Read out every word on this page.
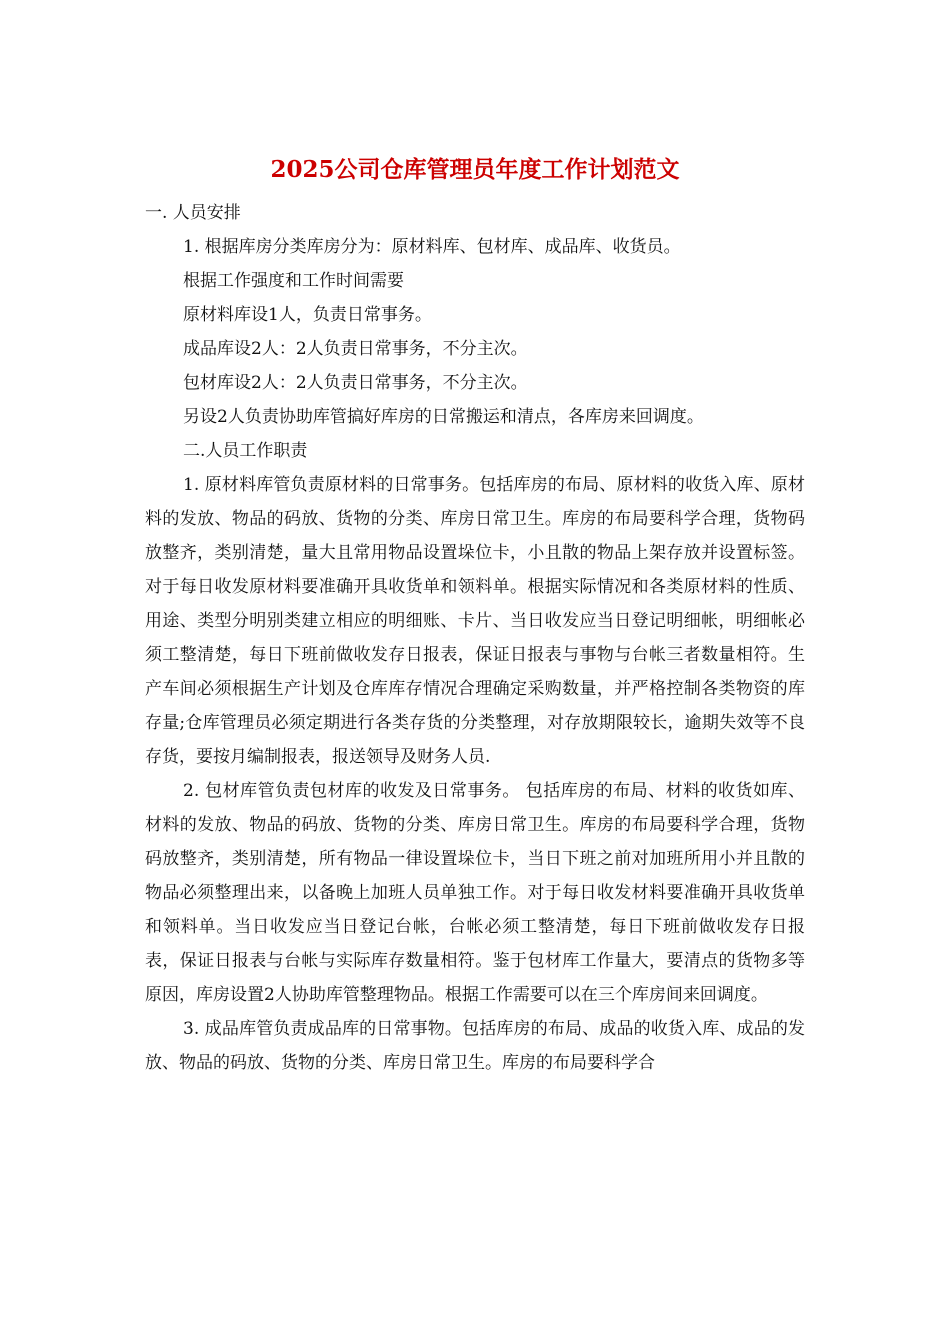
2025公司仓库管理员年度工作计划范文

一. 人员安排

1. 根据库房分类库房分为：原材料库、包材库、成品库、收货员。

根据工作强度和工作时间需要

原材料库设1人，负责日常事务。

成品库设2人：2人负责日常事务，不分主次。

包材库设2人：2人负责日常事务，不分主次。

另设2人负责协助库管搞好库房的日常搬运和清点，各库房来回调度。

二.人员工作职责

1. 原材料库管负责原材料的日常事务。包括库房的布局、原材料的收货入库、原材料的发放、物品的码放、货物的分类、库房日常卫生。库房的布局要科学合理，货物码放整齐，类别清楚，量大且常用物品设置垛位卡，小且散的物品上架存放并设置标签。对于每日收发原材料要准确开具收货单和领料单。根据实际情况和各类原材料的性质、用途、类型分明别类建立相应的明细账、卡片、当日收发应当日登记明细帐，明细帐必须工整清楚，每日下班前做收发存日报表，保证日报表与事物与台帐三者数量相符。生产车间必须根据生产计划及仓库库存情况合理确定采购数量，并严格控制各类物资的库存量;仓库管理员必须定期进行各类存货的分类整理，对存放期限较长，逾期失效等不良存货，要按月编制报表，报送领导及财务人员.

2. 包材库管负责包材库的收发及日常事务。 包括库房的布局、材料的收货如库、材料的发放、物品的码放、货物的分类、库房日常卫生。库房的布局要科学合理，货物码放整齐，类别清楚，所有物品一律设置垛位卡，当日下班之前对加班所用小并且散的物品必须整理出来，以备晚上加班人员单独工作。对于每日收发材料要准确开具收货单和领料单。当日收发应当日登记台帐，台帐必须工整清楚，每日下班前做收发存日报表，保证日报表与台帐与实际库存数量相符。鉴于包材库工作量大，要清点的货物多等原因，库房设置2人协助库管整理物品。根据工作需要可以在三个库房间来回调度。

3. 成品库管负责成品库的日常事物。包括库房的布局、成品的收货入库、成品的发放、物品的码放、货物的分类、库房日常卫生。库房的布局要科学合
